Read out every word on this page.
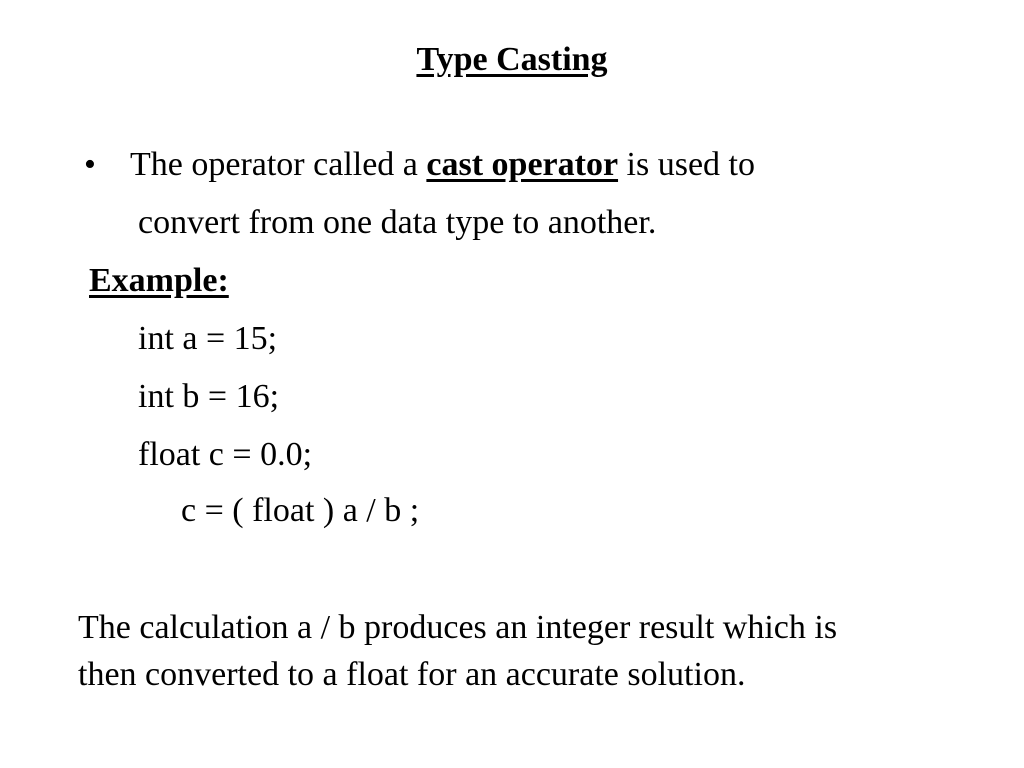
Type Casting
• The operator called a cast operator is used to
convert from one data type to another.
Example:
int a = 15;
int b = 16;
float c = 0.0;
c = ( float ) a / b ;
The calculation a / b produces an integer result which is
then converted to a float for an accurate solution.
